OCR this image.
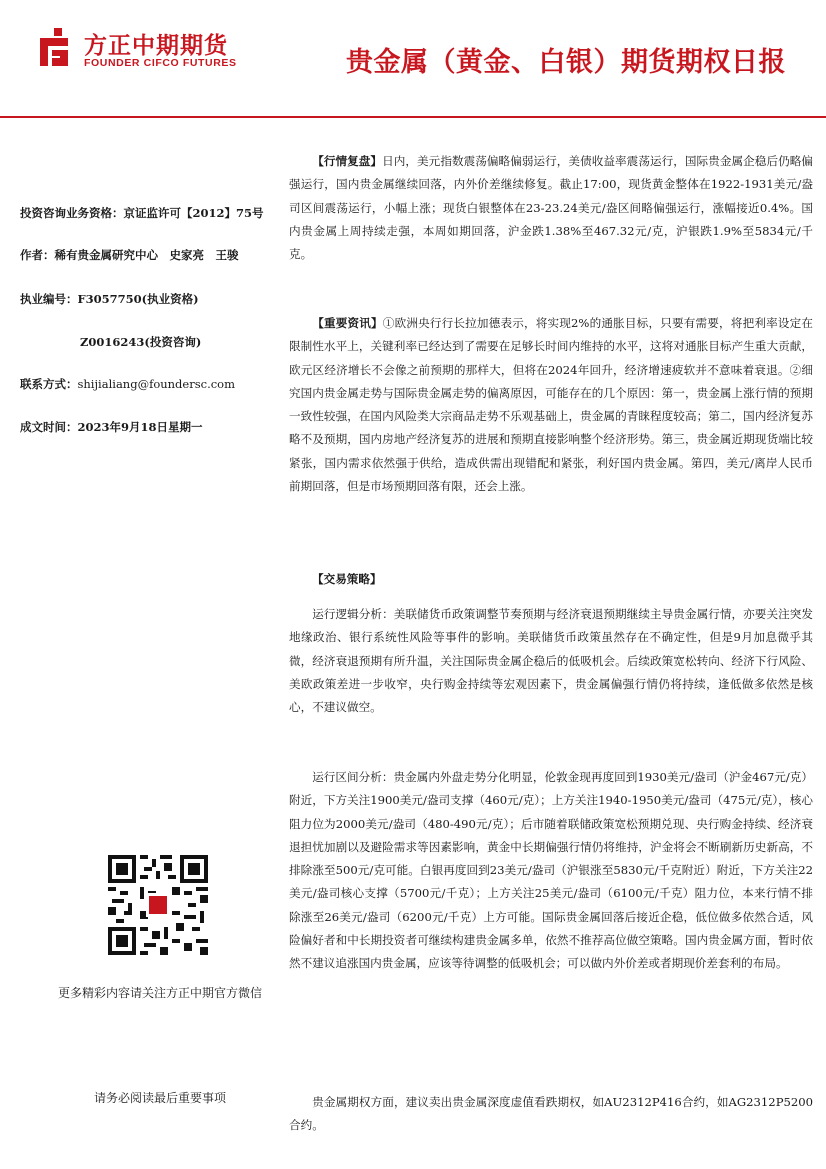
方正中期期货
FOUNDER CIFCO FUTURES	贵金属（黄金、白银）期货期权日报
投资咨询业务资格：京证监许可【2012】75号
作者：稀有贵金属研究中心　史家亮　王骏
执业编号：F3057750(执业资格)
Z0016243(投资咨询)
联系方式：shijialiang@foundersc.com
成文时间：2023年9月18日星期一
更多精彩内容请关注方正中期官方微信
请务必阅读最后重要事项

【行情复盘】日内，美元指数震荡偏略偏弱运行，美债收益率震荡运行，国际贵金属企稳后仍略偏强运行，国内贵金属继续回落，内外价差继续修复。截止17:00，现货黄金整体在1922-1931美元/盎司区间震荡运行，小幅上涨；现货白银整体在23-23.24美元/盎区间略偏强运行，涨幅接近0.4%。国内贵金属上周持续走强，本周如期回落，沪金跌1.38%至467.32元/克，沪银跌1.9%至5834元/千克。

【重要资讯】①欧洲央行行长拉加德表示，将实现2%的通胀目标，只要有需要，将把利率设定在限制性水平上，关键利率已经达到了需要在足够长时间内维持的水平，这将对通胀目标产生重大贡献，欧元区经济增长不会像之前预期的那样大，但将在2024年回升，经济增速疲软并不意味着衰退。②细究国内贵金属走势与国际贵金属走势的偏离原因，可能存在的几个原因：第一，贵金属上涨行情的预期一致性较强，在国内风险类大宗商品走势不乐观基础上，贵金属的青睐程度较高；第二，国内经济复苏略不及预期，国内房地产经济复苏的进展和预期直接影响整个经济形势。第三，贵金属近期现货端比较紧张，国内需求依然强于供给，造成供需出现错配和紧张，利好国内贵金属。第四，美元/离岸人民币前期回落，但是市场预期回落有限，还会上涨。

【交易策略】

运行逻辑分析：美联储货币政策调整节奏预期与经济衰退预期继续主导贵金属行情，亦要关注突发地缘政治、银行系统性风险等事件的影响。美联储货币政策虽然存在不确定性，但是9月加息微乎其微，经济衰退预期有所升温，关注国际贵金属企稳后的低吸机会。后续政策宽松转向、经济下行风险、美欧政策差进一步收窄，央行购金持续等宏观因素下，贵金属偏强行情仍将持续，逢低做多依然是核心，不建议做空。

运行区间分析：贵金属内外盘走势分化明显，伦敦金现再度回到1930美元/盎司（沪金467元/克）附近，下方关注1900美元/盎司支撑（460元/克）；上方关注1940-1950美元/盎司（475元/克），核心阻力位为2000美元/盎司（480-490元/克）；后市随着联储政策宽松预期兑现、央行购金持续、经济衰退担忧加剧以及避险需求等因素影响，黄金中长期偏强行情仍将维持，沪金将会不断刷新历史新高，不排除涨至500元/克可能。白银再度回到23美元/盎司（沪银涨至5830元/千克附近）附近，下方关注22美元/盎司核心支撑（5700元/千克）；上方关注25美元/盎司（6100元/千克）阻力位，本来行情不排除涨至26美元/盎司（6200元/千克）上方可能。国际贵金属回落后接近企稳，低位做多依然合适，风险偏好者和中长期投资者可继续构建贵金属多单，依然不推荐高位做空策略。国内贵金属方面，暂时依然不建议追涨国内贵金属，应该等待调整的低吸机会；可以做内外价差或者期现价差套利的布局。

贵金属期权方面，建议卖出贵金属深度虚值看跌期权，如AU2312P416合约，如AG2312P5200合约。
